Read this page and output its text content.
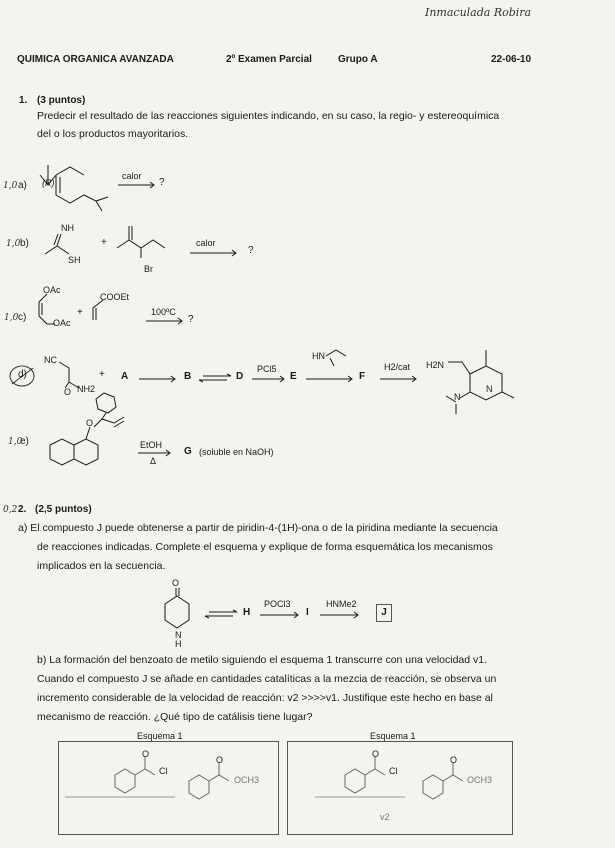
Inmaculada Robira
QUIMICA ORGANICA AVANZADA	2º Examen Parcial	Grupo A	22-06-10
1. (3 puntos)
Predecir el resultado de las reacciones siguientes indicando, en su caso, la regio- y estereoquímica
del o los productos mayoritarios.
1,0 a) (R)
calor
?
1,0 b)
NH
SH
+
Br
calor
?
1,0 c)
OAc
OAc
+
COOEt
100ºC
?
d)
NC
O NH2
+ A	B	D
PCl5
E
HN
F
H2/cat H2N
N
N
1,0
e)
O
EtOH
Δ
G (soluble en NaOH)
0,2 2. (2,5 puntos)
a) El compuesto J puede obtenerse a partir de piridin-4-(1H)-ona o de la piridina mediante la secuencia
de reacciones indicadas. Complete el esquema y explique de forma esquemática los mecanismos
implicados en la secuencia.
O
N
H
H
POCl3
I
HNMe2
J
b) La formación del benzoato de metilo siguiendo el esquema 1 transcurre con una velocidad v1.
Cuando el compuesto J se añade en cantidades catalíticas a la mezcia de reacción, se observa un
incremento considerable de la velocidad de reacción: v2 >>>>v1. Justifique este hecho en base al
mecanismo de reacción. ¿Qué tipo de catálisis tiene lugar?
Esquema 1
O
Cl
O
OCH3
Esquema 1
O
Cl
O
OCH3
v2
